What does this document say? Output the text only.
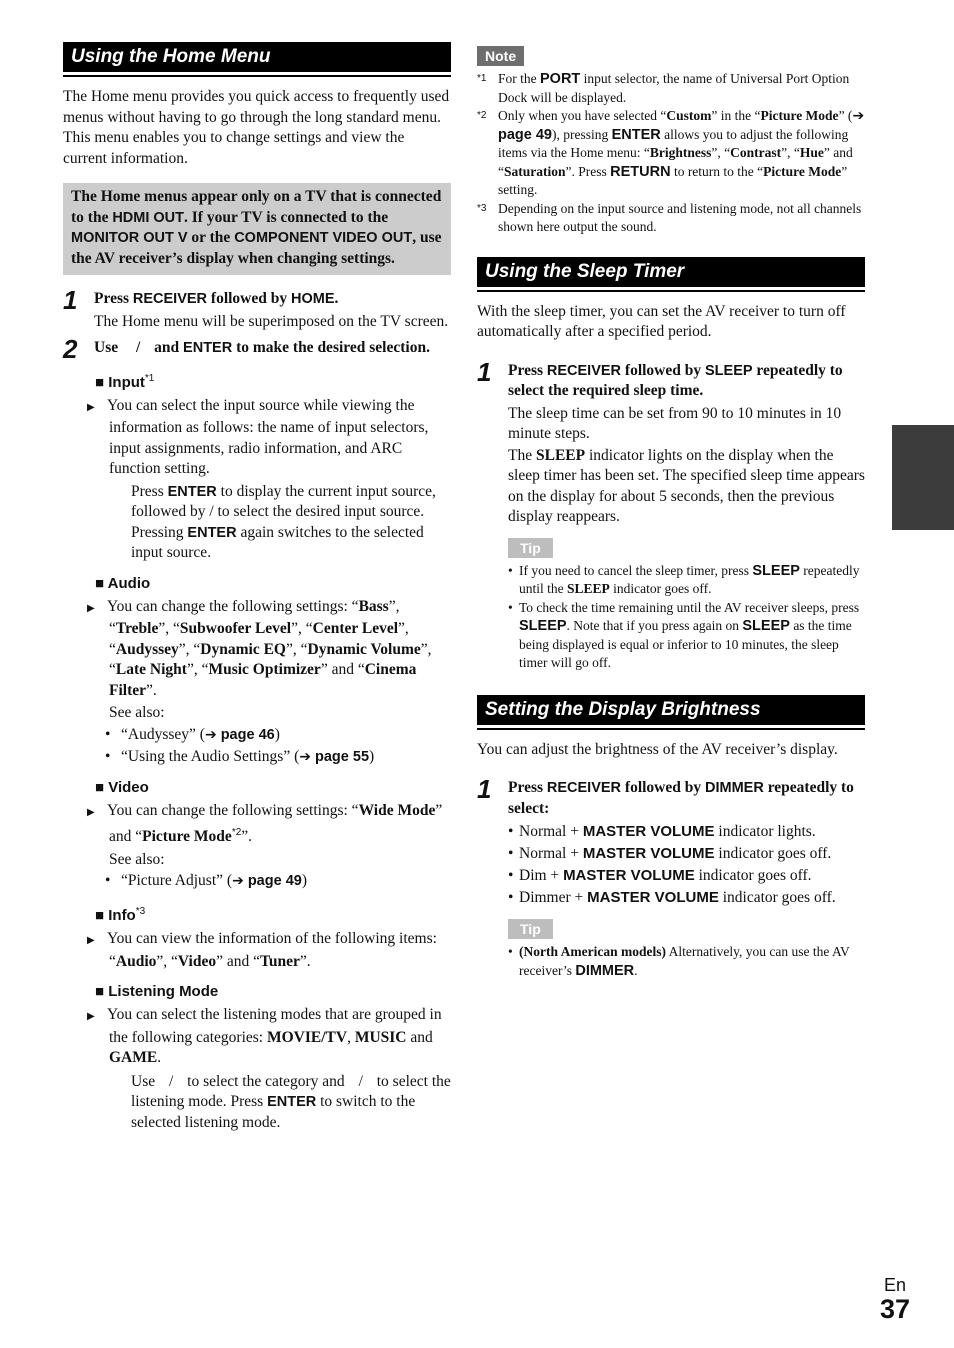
Using the Home Menu

The Home menu provides you quick access to frequently used menus without having to go through the long standard menu. This menu enables you to change settings and view the current information.

The Home menus appear only on a TV that is connected to the HDMI OUT. If your TV is connected to the MONITOR OUT V or the COMPONENT VIDEO OUT, use the AV receiver’s display when changing settings.
1 Press RECEIVER followed by HOME.

The Home menu will be superimposed on the TV screen.

2 Use / and ENTER to make the desired selection.
■ Input$^{*1}$

▶ You can select the input source while viewing the information as follows: the name of input selectors, input assignments, radio information, and ARC function setting.

Press ENTER to display the current input source, followed by / to select the desired input source. Pressing ENTER again switches to the selected input source.

■ Audio

▶ You can change the following settings: “Bass”, “Treble”, “Subwoofer Level”, “Center Level”, “Audyssey”, “Dynamic EQ”, “Dynamic Volume”, “Late Night”, “Music Optimizer” and “Cinema Filter”.

See also:

• “Audyssey” (➔ page 46)
• “Using the Audio Settings” (➔ page 55)
■ Video

▶ You can change the following settings: “Wide Mode” and “Picture Mode$^{*2}$”.

See also:

• “Picture Adjust” (➔ page 49)
■ Info$^{*3}$

▶ You can view the information of the following items: “Audio”, “Video” and “Tuner”.

■ Listening Mode

▶ You can select the listening modes that are grouped in the following categories: MOVIE/TV, MUSIC and GAME.

Use / to select the category and / to select the listening mode. Press ENTER to switch to the selected listening mode.

Note
*1 For the PORT input selector, the name of Universal Port Option Dock will be displayed.
*2 Only when you have selected “Custom” in the “Picture Mode” (➔ page 49), pressing ENTER allows you to adjust the following items via the Home menu: “Brightness”, “Contrast”, “Hue” and “Saturation”. Press RETURN to return to the “Picture Mode” setting.
*3 Depending on the input source and listening mode, not all channels shown here output the sound.
Using the Sleep Timer

With the sleep timer, you can set the AV receiver to turn off automatically after a specified period.

1 Press RECEIVER followed by SLEEP repeatedly to select the required sleep time.

The sleep time can be set from 90 to 10 minutes in 10 minute steps.

The SLEEP indicator lights on the display when the sleep timer has been set. The specified sleep time appears on the display for about 5 seconds, then the previous display reappears.

Tip
• If you need to cancel the sleep timer, press SLEEP repeatedly until the SLEEP indicator goes off.
• To check the time remaining until the AV receiver sleeps, press SLEEP. Note that if you press again on SLEEP as the time being displayed is equal or inferior to 10 minutes, the sleep timer will go off.
Setting the Display Brightness

You can adjust the brightness of the AV receiver’s display.

1 Press RECEIVER followed by DIMMER repeatedly to select:
• Normal + MASTER VOLUME indicator lights.
• Normal + MASTER VOLUME indicator goes off.
• Dim + MASTER VOLUME indicator goes off.
• Dimmer + MASTER VOLUME indicator goes off.
Tip
• (North American models) Alternatively, you can use the AV receiver’s DIMMER.
En
37
